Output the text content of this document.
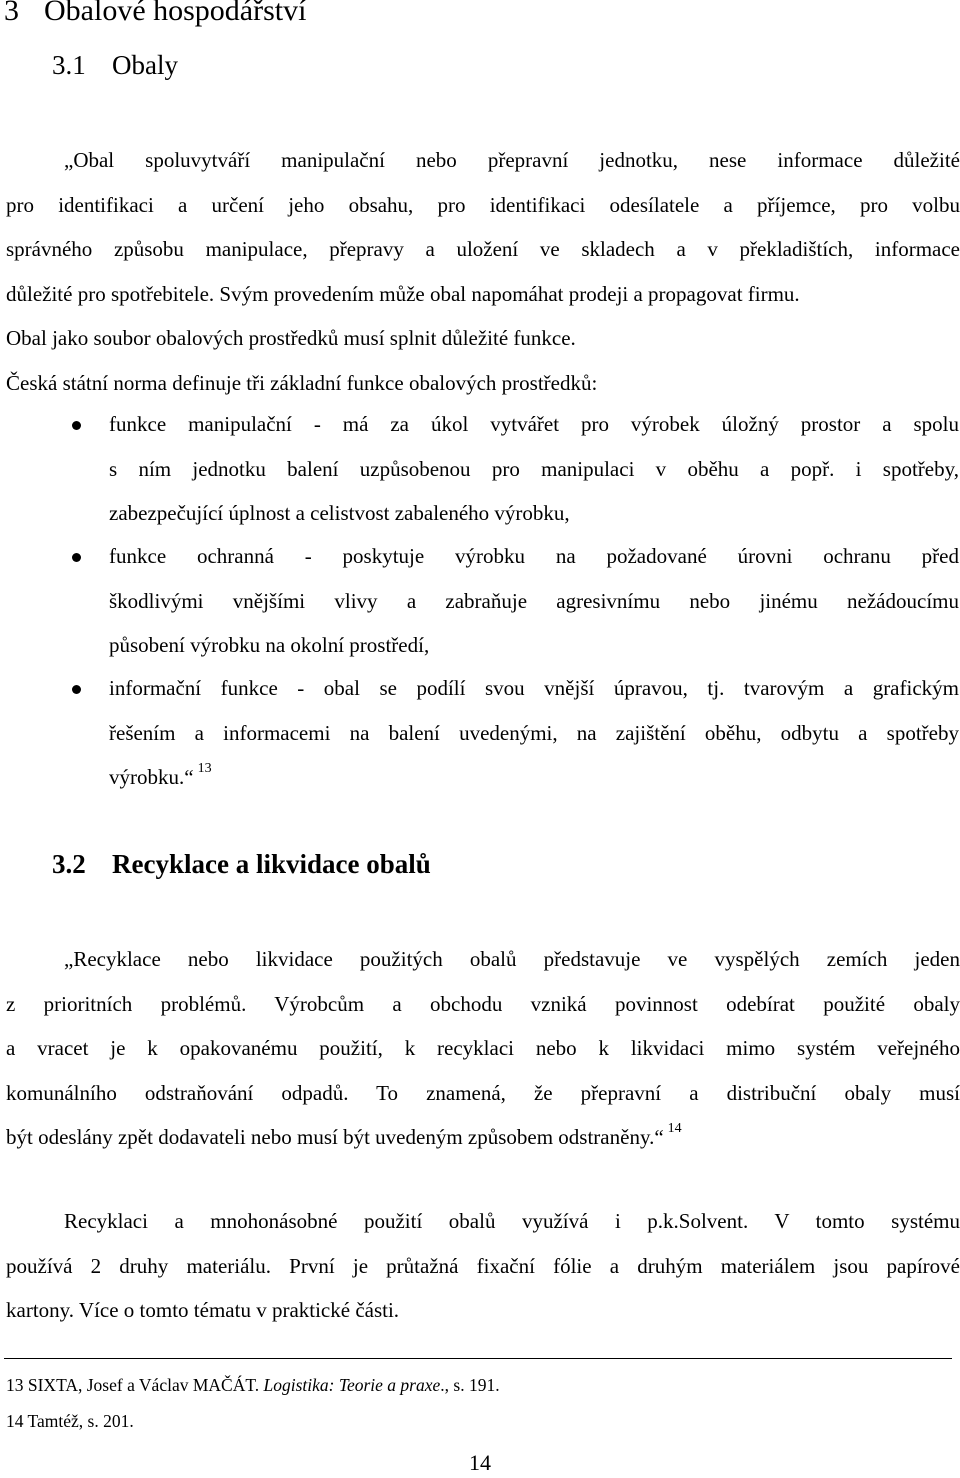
3 Obalové hospodářství
3.1 Obaly
„Obal spoluvytváří manipulační nebo přepravní jednotku, nese informace důležité
pro identifikaci a určení jeho obsahu, pro identifikaci odesílatele a příjemce, pro volbu
správného způsobu manipulace, přepravy a uložení ve skladech a v překladištích, informace
důležité pro spotřebitele. Svým provedením může obal napomáhat prodeji a propagovat firmu.
Obal jako soubor obalových prostředků musí splnit důležité funkce.
Česká státní norma definuje tři základní funkce obalových prostředků:
funkce manipulační - má za úkol vytvářet pro výrobek úložný prostor a spolu
s ním jednotku balení uzpůsobenou pro manipulaci v oběhu a popř. i spotřeby,
zabezpečující úplnost a celistvost zabaleného výrobku,
funkce ochranná - poskytuje výrobku na požadované úrovni ochranu před
škodlivými vnějšími vlivy a zabraňuje agresivnímu nebo jinému nežádoucímu
působení výrobku na okolní prostředí,
informační funkce - obal se podílí svou vnější úpravou, tj. tvarovým a grafickým
řešením a informacemi na balení uvedenými, na zajištění oběhu, odbytu a spotřeby
výrobku.“ $^{13}$
3.2 Recyklace a likvidace obalů
„Recyklace nebo likvidace použitých obalů představuje ve vyspělých zemích jeden
z prioritních problémů. Výrobcům a obchodu vzniká povinnost odebírat použité obaly
a vracet je k opakovanému použití, k recyklaci nebo k likvidaci mimo systém veřejného
komunálního odstraňování odpadů. To znamená, že přepravní a distribuční obaly musí
být odeslány zpět dodavateli nebo musí být uvedeným způsobem odstraněny.“ $^{14}$
Recyklaci a mnohonásobné použití obalů využívá i p.k.Solvent. V tomto systému
používá 2 druhy materiálu. První je průtažná fixační fólie a druhým materiálem jsou papírové
kartony. Více o tomto tématu v praktické části.
13 SIXTA, Josef a Václav MAČÁT. Logistika: Teorie a praxe., s. 191.
14 Tamtéž, s. 201.
14
